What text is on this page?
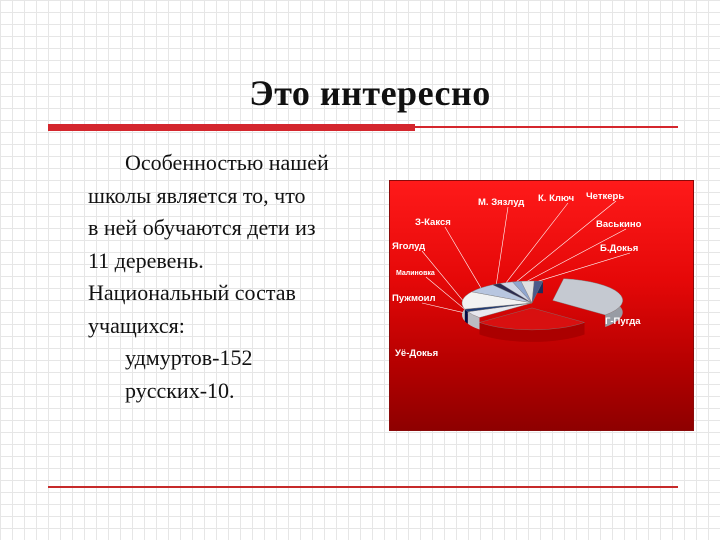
Это интересно
Особенностью нашей
школы является то, что
в ней обучаются дети из
11 деревень.
Национальный состав
учащихся:
удмуртов-152
русских-10.
Г-Пугда
Уё-Докья
Пужмоил
Малиновка
Яголуд
З-Какся
М. Зязлуд К. Ключ Четкерь
Васькино
Б.Докья
